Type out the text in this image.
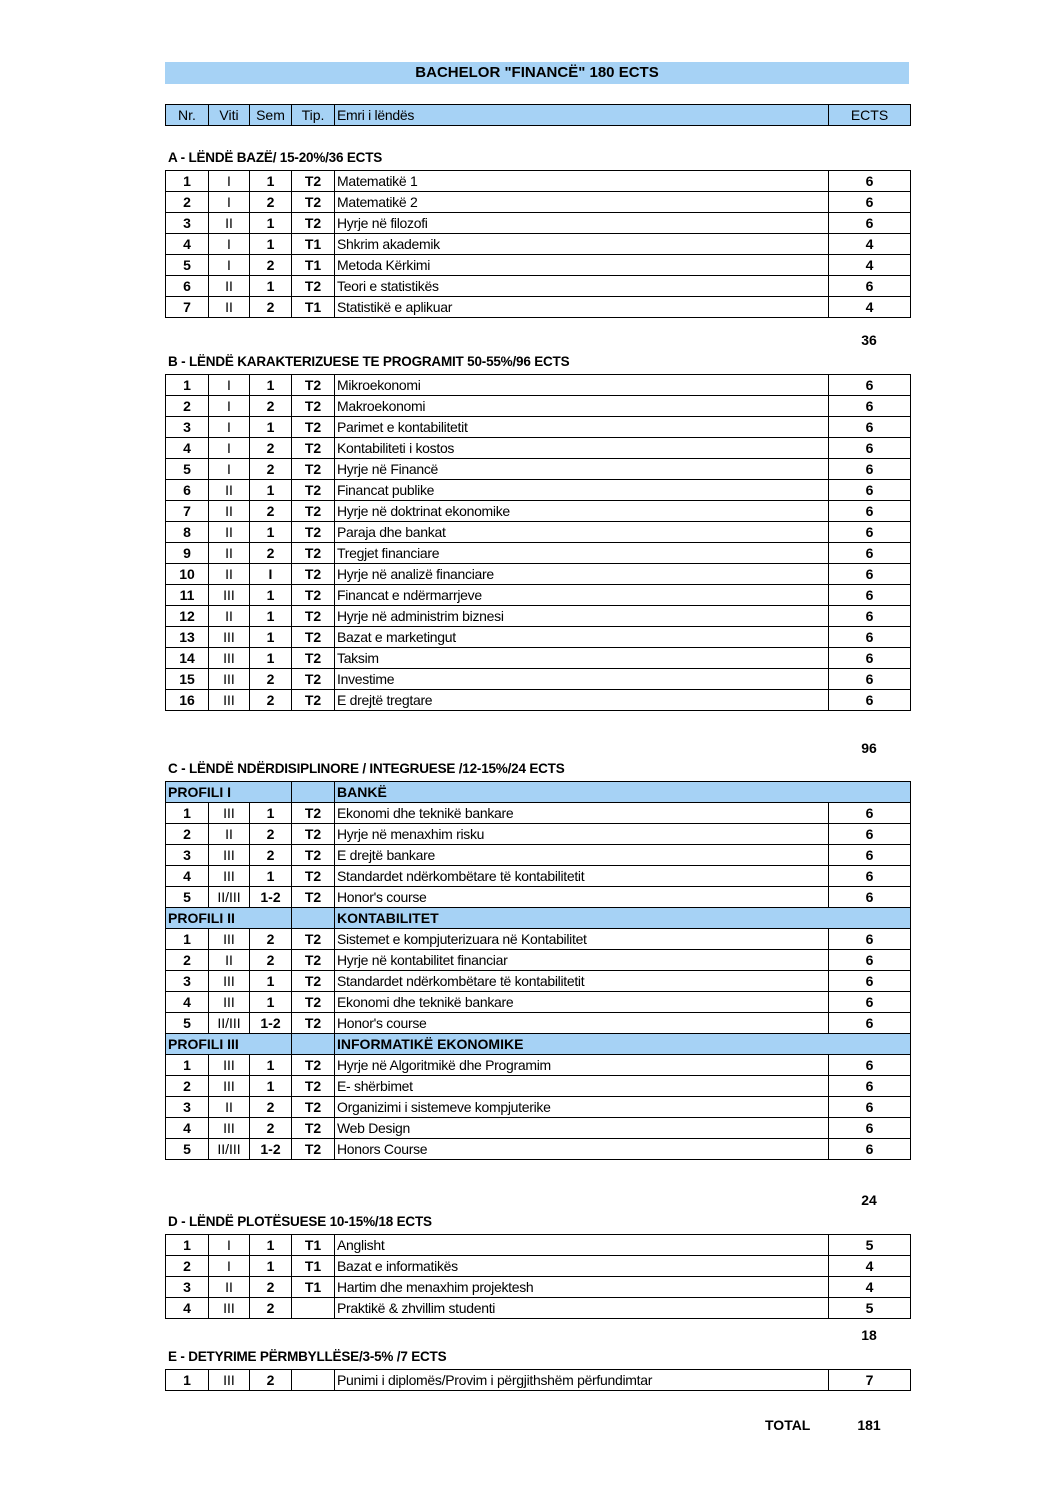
BACHELOR "FINANCË" 180 ECTS
Nr.	Viti	Sem	Tip.	Emri i lëndës	ECTS
A - LËNDË BAZË/ 15-20%/36 ECTS
1	I	1	T2	Matematikë 1	6
2	I	2	T2	Matematikë 2	6
3	II	1	T2	Hyrje në filozofi	6
4	I	1	T1	Shkrim akademik	4
5	I	2	T1	Metoda Kërkimi	4
6	II	1	T2	Teori e statistikës	6
7	II	2	T1	Statistikë e aplikuar	4
36
B - LËNDË KARAKTERIZUESE TE PROGRAMIT 50-55%/96 ECTS
1	I	1	T2	Mikroekonomi	6
2	I	2	T2	Makroekonomi	6
3	I	1	T2	Parimet e kontabilitetit	6
4	I	2	T2	Kontabiliteti i kostos	6
5	I	2	T2	Hyrje në Financë	6
6	II	1	T2	Financat publike	6
7	II	2	T2	Hyrje në doktrinat ekonomike	6
8	II	1	T2	Paraja dhe bankat	6
9	II	2	T2	Tregjet financiare	6
10	II	I	T2	Hyrje në analizë financiare	6
11	III	1	T2	Financat e ndërmarrjeve	6
12	II	1	T2	Hyrje në administrim biznesi	6
13	III	1	T2	Bazat e marketingut	6
14	III	1	T2	Taksim	6
15	III	2	T2	Investime	6
16	III	2	T2	E drejtë tregtare	6
96
C - LËNDË NDËRDISIPLINORE / INTEGRUESE /12-15%/24 ECTS
PROFILI I				BANKË	
1	III	1	T2	Ekonomi dhe teknikë bankare	6
2	II	2	T2	Hyrje në menaxhim risku	6
3	III	2	T2	E drejtë bankare	6
4	III	1	T2	Standardet ndërkombëtare të kontabilitetit	6
5	II/III	1-2	T2	Honor's course	6
PROFILI II				KONTABILITET	
1	III	2	T2	Sistemet e kompjuterizuara në Kontabilitet	6
2	II	2	T2	Hyrje në kontabilitet financiar	6
3	III	1	T2	Standardet ndërkombëtare të kontabilitetit	6
4	III	1	T2	Ekonomi dhe teknikë bankare	6
5	II/III	1-2	T2	Honor's course	6
PROFILI III				INFORMATIKË EKONOMIKE	
1	III	1	T2	Hyrje në Algoritmikë dhe Programim	6
2	III	1	T2	E- shërbimet	6
3	II	2	T2	Organizimi i sistemeve kompjuterike	6
4	III	2	T2	Web Design	6
5	II/III	1-2	T2	Honors Course	6
24
D - LËNDË PLOTËSUESE 10-15%/18 ECTS
1	I	1	T1	Anglisht	5
2	I	1	T1	Bazat e informatikës	4
3	II	2	T1	Hartim dhe menaxhim projektesh	4
4	III	2		Praktikë & zhvillim studenti	5
18
E - DETYRIME PËRMBYLLËSE/3-5% /7 ECTS
1	III	2		Punimi i diplomës/Provim i përgjithshëm përfundimtar	7
TOTAL	181
